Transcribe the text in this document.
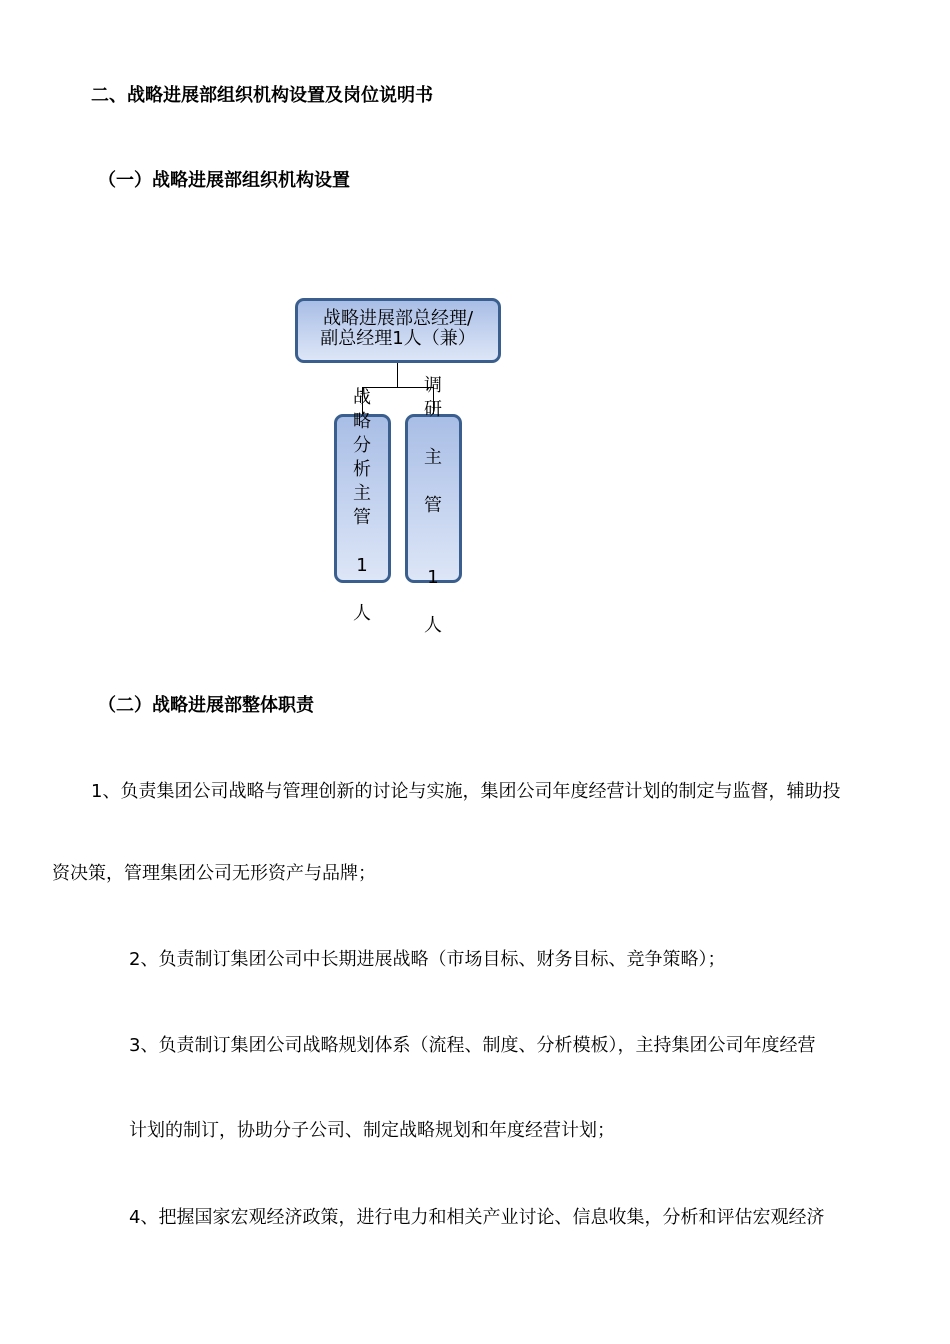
二、战略进展部组织机构设置及岗位说明书
（一）战略进展部组织机构设置
战略进展部总经理/
副总经理1人（兼）
战
略
分
析
主
管

1

人
调
研

主

管

1

人
（二）战略进展部整体职责
1、负责集团公司战略与管理创新的讨论与实施，集团公司年度经营计划的制定与监督，辅助投
资决策，管理集团公司无形资产与品牌；
2、负责制订集团公司中长期进展战略（市场目标、财务目标、竞争策略）；
3、负责制订集团公司战略规划体系（流程、制度、分析模板），主持集团公司年度经营
计划的制订，协助分子公司、制定战略规划和年度经营计划；
4、把握国家宏观经济政策，进行电力和相关产业讨论、信息收集，分析和评估宏观经济
